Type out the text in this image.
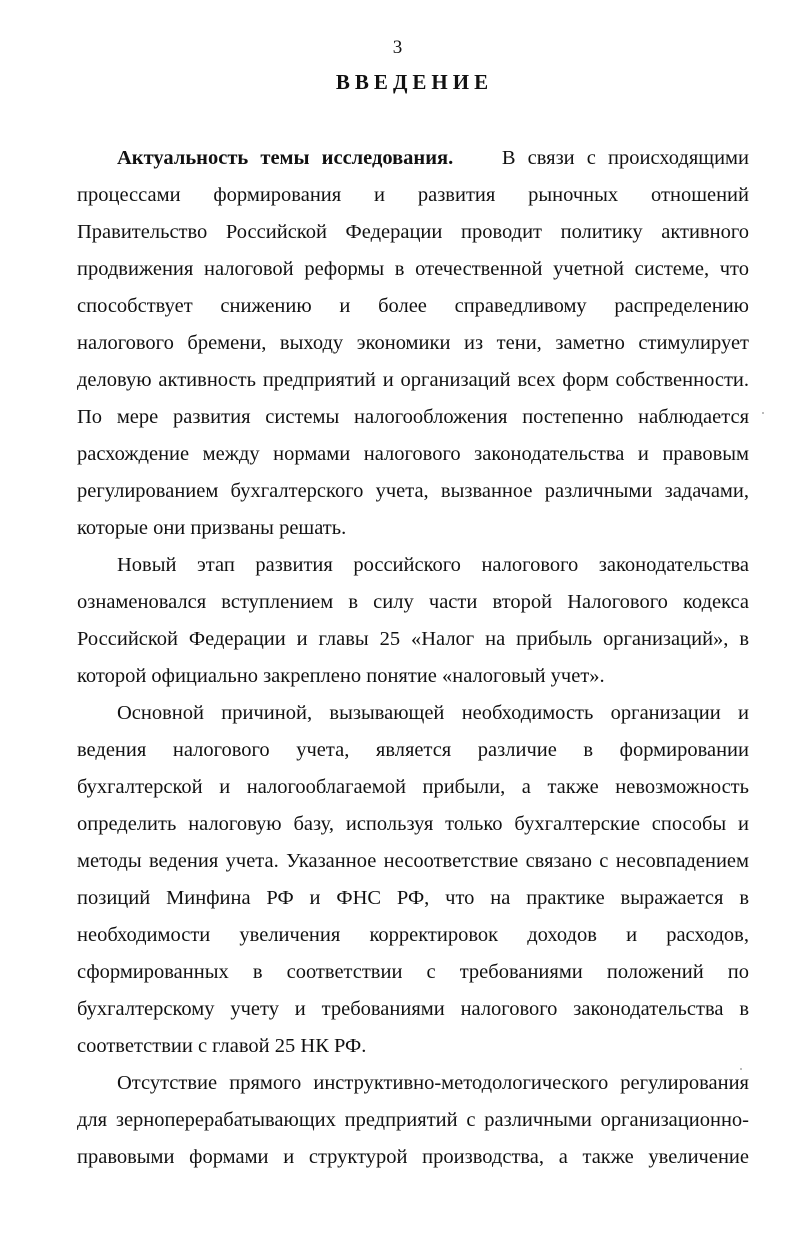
3
ВВЕДЕНИЕ
Актуальность темы исследования. В связи с происходящими
процессами формирования и развития рыночных отношений
Правительство Российской Федерации проводит политику активного
продвижения налоговой реформы в отечественной учетной системе, что
способствует снижению и более справедливому распределению
налогового бремени, выходу экономики из тени, заметно стимулирует
деловую активность предприятий и организаций всех форм собственности.
По мере развития системы налогообложения постепенно наблюдается
расхождение между нормами налогового законодательства и правовым
регулированием бухгалтерского учета, вызванное различными задачами,
которые они призваны решать.
Новый этап развития российского налогового законодательства
ознаменовался вступлением в силу части второй Налогового кодекса
Российской Федерации и главы 25 «Налог на прибыль организаций», в
которой официально закреплено понятие «налоговый учет».
Основной причиной, вызывающей необходимость организации и
ведения налогового учета, является различие в формировании
бухгалтерской и налогооблагаемой прибыли, а также невозможность
определить налоговую базу, используя только бухгалтерские способы и
методы ведения учета. Указанное несоответствие связано с несовпадением
позиций Минфина РФ и ФНС РФ, что на практике выражается в
необходимости увеличения корректировок доходов и расходов,
сформированных в соответствии с требованиями положений по
бухгалтерскому учету и требованиями налогового законодательства в
соответствии с главой 25 НК РФ.
Отсутствие прямого инструктивно-методологического регулирования
для зерноперерабатывающих предприятий с различными организационно-
правовыми формами и структурой производства, а также увеличение
